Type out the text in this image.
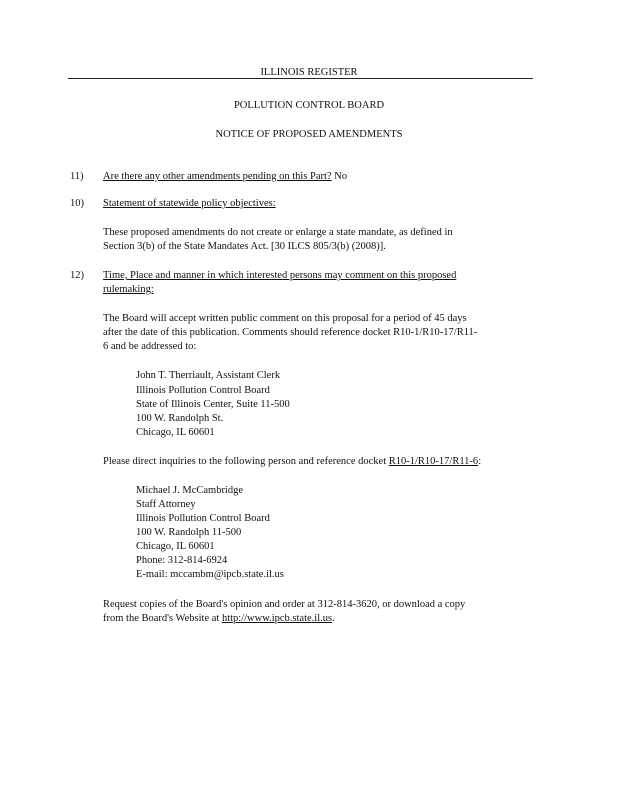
ILLINOIS REGISTER
POLLUTION CONTROL BOARD
NOTICE OF PROPOSED AMENDMENTS
11) Are there any other amendments pending on this Part? No
10) Statement of statewide policy objectives:
These proposed amendments do not create or enlarge a state mandate, as defined in
Section 3(b) of the State Mandates Act. [30 ILCS 805/3(b) (2008)].
12) Time, Place and manner in which interested persons may comment on this proposed
rulemaking:
The Board will accept written public comment on this proposal for a period of 45 days
after the date of this publication. Comments should reference docket R10-1/R10-17/R11-
6 and be addressed to:
John T. Therriault, Assistant Clerk
Illinois Pollution Control Board
State of Illinois Center, Suite 11-500
100 W. Randolph St.
Chicago, IL 60601
Please direct inquiries to the following person and reference docket R10-1/R10-17/R11-6:
Michael J. McCambridge
Staff Attorney
Illinois Pollution Control Board
100 W. Randolph 11-500
Chicago, IL 60601
Phone: 312-814-6924
E-mail: mccambm@ipcb.state.il.us
Request copies of the Board's opinion and order at 312-814-3620, or download a copy
from the Board's Website at http://www.ipcb.state.il.us.
